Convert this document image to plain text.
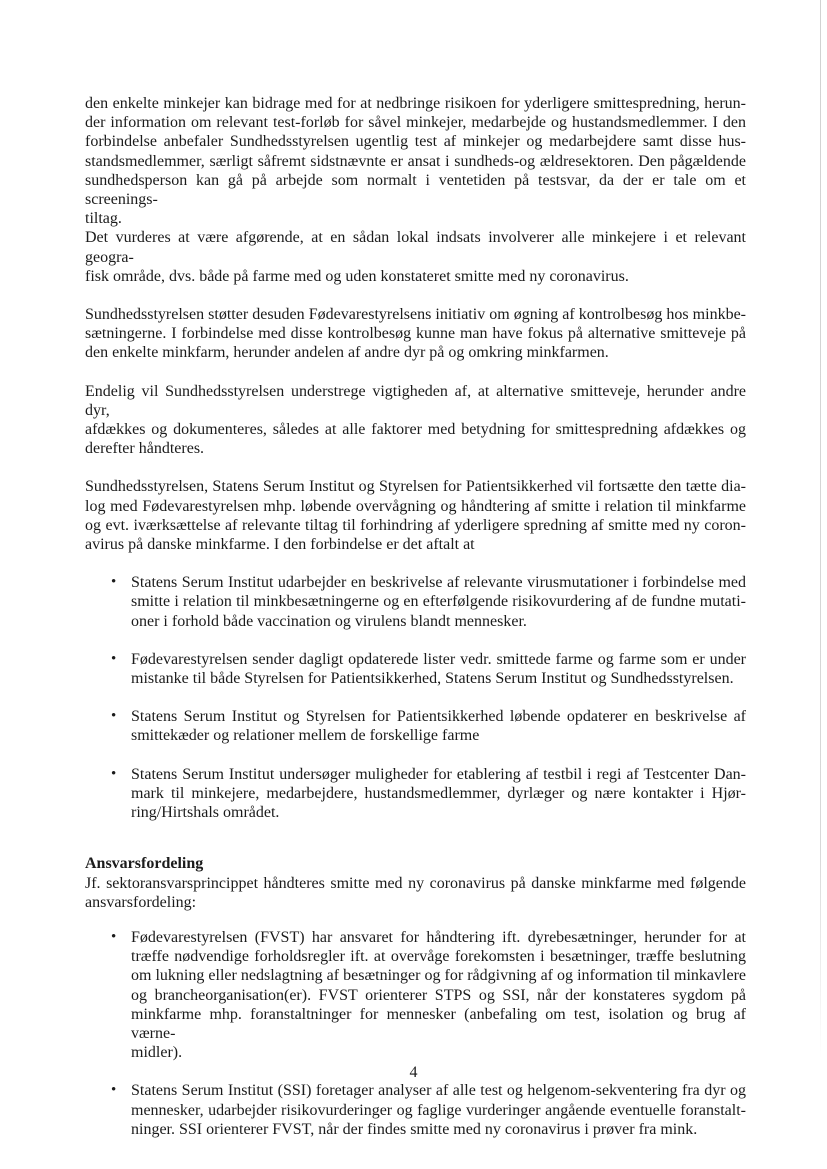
den enkelte minkejer kan bidrage med for at nedbringe risikoen for yderligere smittespredning, herun-
der information om relevant test-forløb for såvel minkejer, medarbejde og hustandsmedlemmer. I den
forbindelse anbefaler Sundhedsstyrelsen ugentlig test af minkejer og medarbejdere samt disse hus-
standsmedlemmer, særligt såfremt sidstnævnte er ansat i sundheds-og ældresektoren. Den pågældende
sundhedsperson kan gå på arbejde som normalt i ventetiden på testsvar, da der er tale om et screenings-
tiltag.
Det vurderes at være afgørende, at en sådan lokal indsats involverer alle minkejere i et relevant geogra-
fisk område, dvs. både på farme med og uden konstateret smitte med ny coronavirus.
Sundhedsstyrelsen støtter desuden Fødevarestyrelsens initiativ om øgning af kontrolbesøg hos minkbe-
sætningerne. I forbindelse med disse kontrolbesøg kunne man have fokus på alternative smitteveje på
den enkelte minkfarm, herunder andelen af andre dyr på og omkring minkfarmen.
Endelig vil Sundhedsstyrelsen understrege vigtigheden af, at alternative smitteveje, herunder andre dyr,
afdækkes og dokumenteres, således at alle faktorer med betydning for smittespredning afdækkes og
derefter håndteres.
Sundhedsstyrelsen, Statens Serum Institut og Styrelsen for Patientsikkerhed vil fortsætte den tætte dia-
log med Fødevarestyrelsen mhp. løbende overvågning og håndtering af smitte i relation til minkfarme
og evt. iværksættelse af relevante tiltag til forhindring af yderligere spredning af smitte med ny coron-
avirus på danske minkfarme. I den forbindelse er det aftalt at
• Statens Serum Institut udarbejder en beskrivelse af relevante virusmutationer i forbindelse med
smitte i relation til minkbesætningerne og en efterfølgende risikovurdering af de fundne mutati-
oner i forhold både vaccination og virulens blandt mennesker.
• Fødevarestyrelsen sender dagligt opdaterede lister vedr. smittede farme og farme som er under
mistanke til både Styrelsen for Patientsikkerhed, Statens Serum Institut og Sundhedsstyrelsen.
• Statens Serum Institut og Styrelsen for Patientsikkerhed løbende opdaterer en beskrivelse af
smittekæder og relationer mellem de forskellige farme
• Statens Serum Institut undersøger muligheder for etablering af testbil i regi af Testcenter Dan-
mark til minkejere, medarbejdere, hustandsmedlemmer, dyrlæger og nære kontakter i Hjør-
ring/Hirtshals området.
Ansvarsfordeling
Jf. sektoransvarsprincippet håndteres smitte med ny coronavirus på danske minkfarme med følgende
ansvarsfordeling:
• Fødevarestyrelsen (FVST) har ansvaret for håndtering ift. dyrebesætninger, herunder for at
træffe nødvendige forholdsregler ift. at overvåge forekomsten i besætninger, træffe beslutning
om lukning eller nedslagtning af besætninger og for rådgivning af og information til minkavlere
og brancheorganisation(er). FVST orienterer STPS og SSI, når der konstateres sygdom på
minkfarme mhp. foranstaltninger for mennesker (anbefaling om test, isolation og brug af værne-
midler).
• Statens Serum Institut (SSI) foretager analyser af alle test og helgenom-sekventering fra dyr og
mennesker, udarbejder risikovurderinger og faglige vurderinger angående eventuelle foranstalt-
ninger. SSI orienterer FVST, når der findes smitte med ny coronavirus i prøver fra mink.
4
